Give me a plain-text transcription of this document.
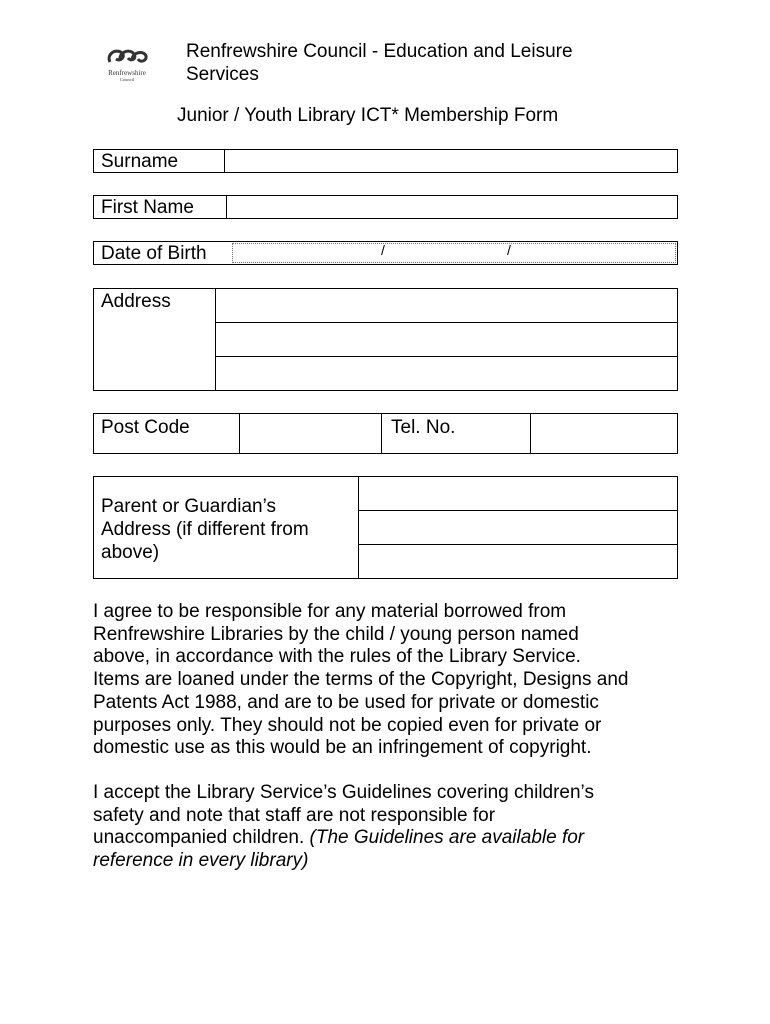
Renfrewshire
Council
Renfrewshire Council - Education and Leisure
Services
Junior / Youth Library ICT* Membership Form
Surname
First Name
Date of Birth	/	/
Address
Post Code	Tel. No.
Parent or Guardian’s
Address (if different from
above)
I agree to be responsible for any material borrowed from
Renfrewshire Libraries by the child / young person named
above, in accordance with the rules of the Library Service.
Items are loaned under the terms of the Copyright, Designs and
Patents Act 1988, and are to be used for private or domestic
purposes only. They should not be copied even for private or
domestic use as this would be an infringement of copyright.
I accept the Library Service’s Guidelines covering children’s
safety and note that staff are not responsible for
unaccompanied children. (The Guidelines are available for
reference in every library)
